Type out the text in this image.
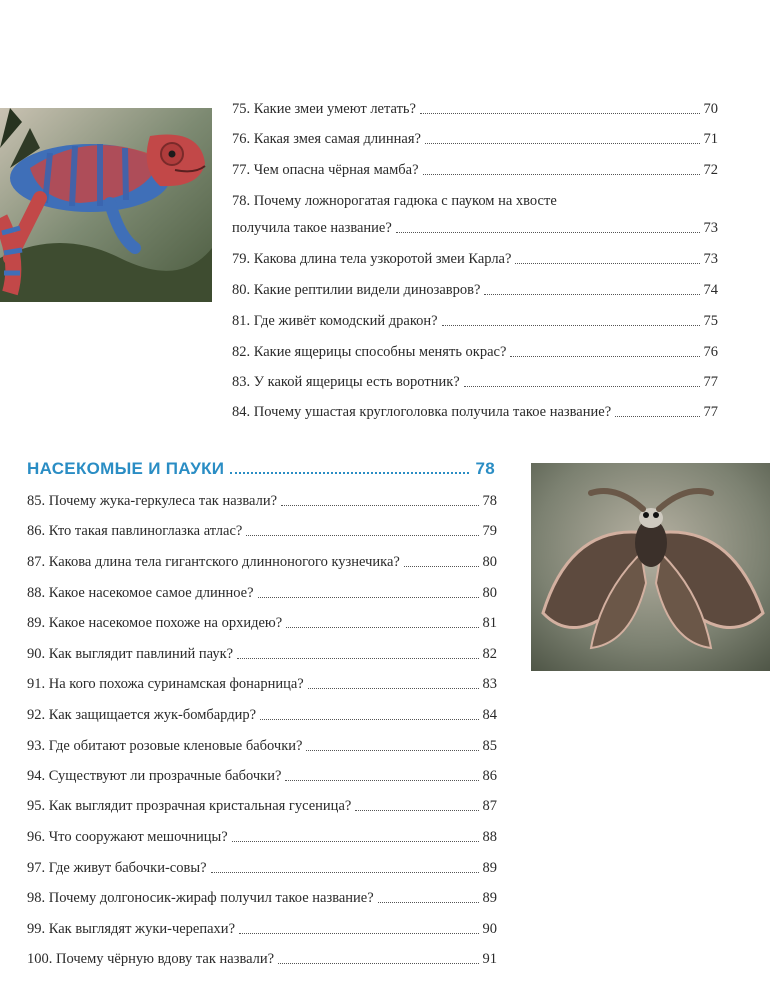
75. Какие змеи умеют летать?	70
76. Какая змея самая длинная?	71
77. Чем опасна чёрная мамба?	72
78. Почему ложнорогатая гадюка с пауком на хвосте
получила такое название?	73
79. Какова длина тела узкоротой змеи Карла?	73
80. Какие рептилии видели динозавров?	74
81. Где живёт комодский дракон?	75
82. Какие ящерицы способны менять окрас?	76
83. У какой ящерицы есть воротник?	77
84. Почему ушастая круглоголовка получила такое название?	77
НАСЕКОМЫЕ И ПАУКИ	78
85. Почему жука-геркулеса так назвали?	78
86. Кто такая павлиноглазка атлас?	79
87. Какова длина тела гигантского длинноногого кузнечика?	80
88. Какое насекомое самое длинное?	80
89. Какое насекомое похоже на орхидею?	81
90. Как выглядит павлиний паук?	82
91. На кого похожа суринамская фонарница?	83
92. Как защищается жук-бомбардир?	84
93. Где обитают розовые кленовые бабочки?	85
94. Существуют ли прозрачные бабочки?	86
95. Как выглядит прозрачная кристальная гусеница?	87
96. Что сооружают мешочницы?	88
97. Где живут бабочки-совы?	89
98. Почему долгоносик-жираф получил такое название?	89
99. Как выглядят жуки-черепахи?	90
100. Почему чёрную вдову так назвали?	91
